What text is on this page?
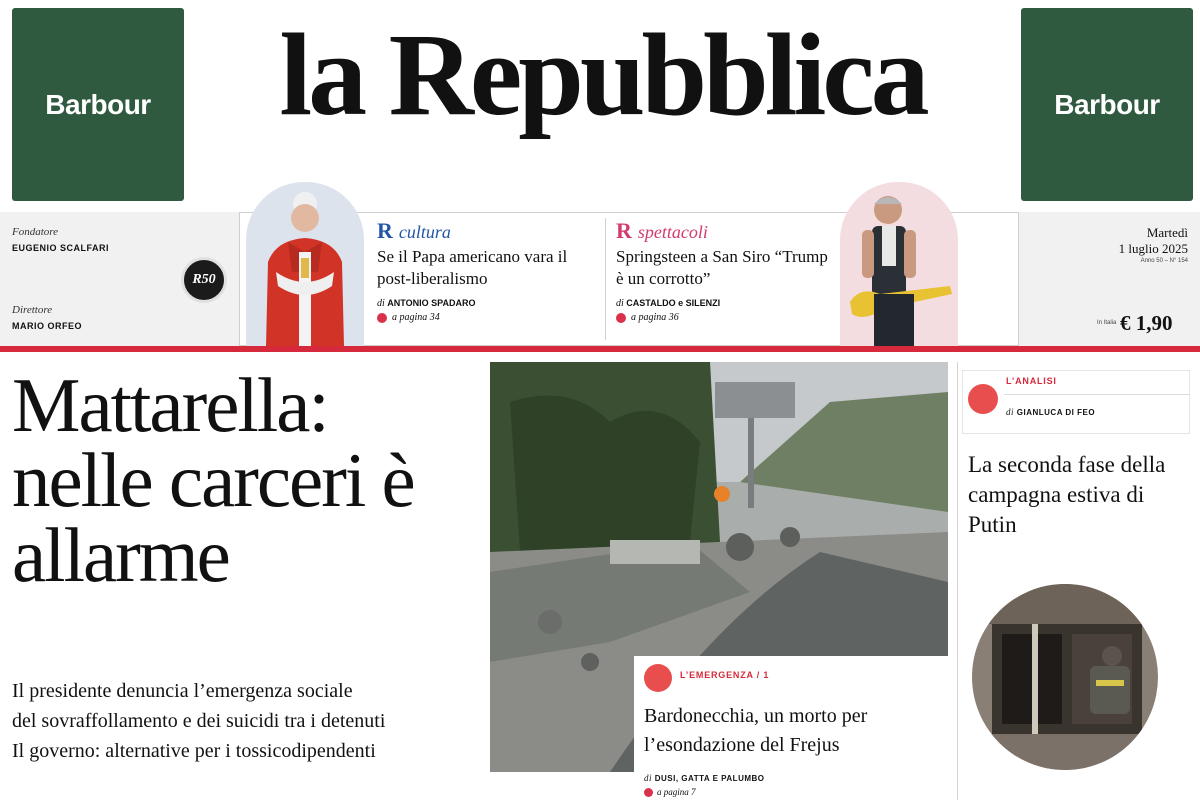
Barbour	Barbour
la Repubblica
Fondatore
EUGENIO SCALFARI
Direttore
MARIO ORFEO
R50
Martedì
1 luglio 2025
Anno 50 – N° 154
In Italia € 1,90
R cultura
Se il Papa americano vara il post-liberalismo
di ANTONIO SPADARO
a pagina 34
R spettacoli
Springsteen a San Siro “Trump è un corrotto”
di CASTALDO e SILENZI
a pagina 36
Mattarella: nelle carceri è allarme
Il presidente denuncia l’emergenza sociale
del sovraffollamento e dei suicidi tra i detenuti
Il governo: alternative per i tossicodipendenti
L’EMERGENZA / 1
Bardonecchia, un morto per l’esondazione del Frejus
di DUSI, GATTA E PALUMBO
a pagina 7
L’ANALISI
di GIANLUCA DI FEO
La seconda fase della campagna estiva di Putin
